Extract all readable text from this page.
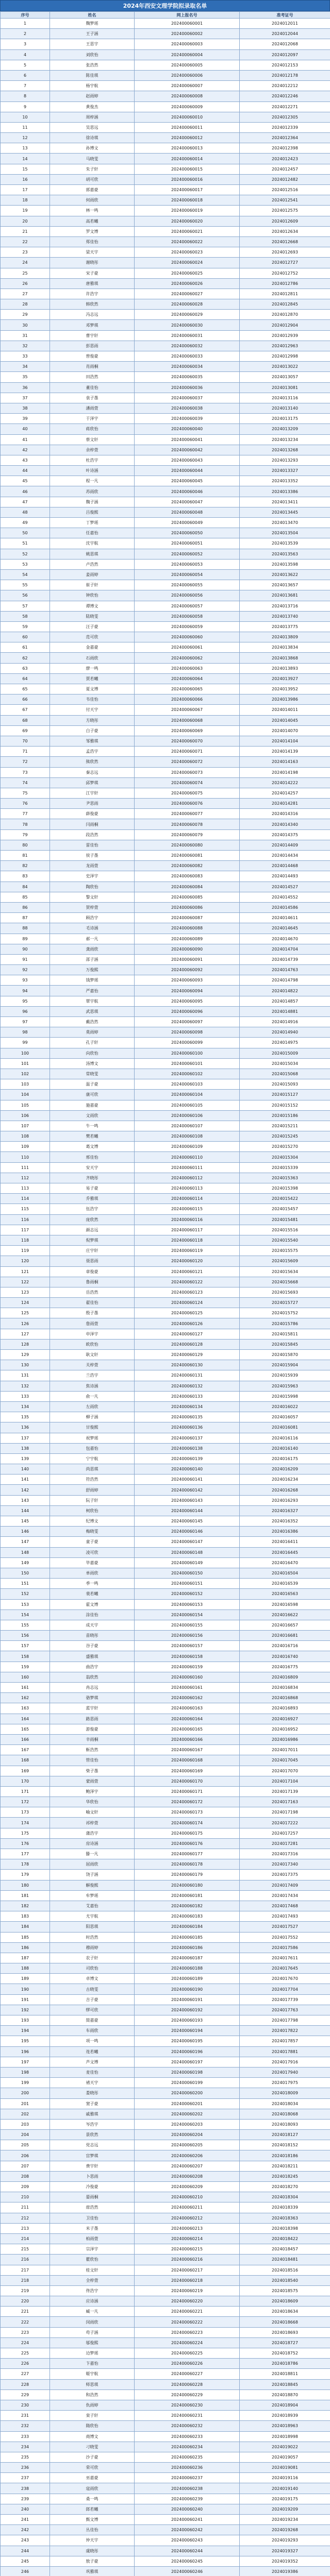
2024年西安文理学院拟录取名单
序号	姓名	网上报名号	准考证号
1	魏梦瑶	202400060001	2024012011
2	王子涵	202400060002	2024012044
3	王思宇	202400060003	2024012068
4	刘欣怡	202400060004	2024012097
5	张浩然	202400060005	2024012153
6	陈佳琪	202400060006	2024012178
7	杨宇航	202400060007	2024012212
8	赵雨婷	202400060008	2024012246
9	黄俊杰	202400060009	2024012271
10	周梓涵	202400060010	2024012305
11	吴思远	202400060011	2024012339
12	徐诗琪	202400060012	2024012364
13	孙博文	202400060013	2024012398
14	马晓雯	202400060014	2024012423
15	朱子轩	202400060015	2024012457
16	胡可欣	202400060016	2024012482
17	郭嘉豪	202400060017	2024012516
18	何雨欣	202400060018	2024012541
19	林一鸣	202400060019	2024012575
20	高若曦	202400060020	2024012609
21	罗文博	202400060021	2024012634
22	郑佳怡	202400060022	2024012668
23	梁天宇	202400060023	2024012693
24	谢晓彤	202400060024	2024012727
25	宋子豪	202400060025	2024012752
26	唐雅琪	202400060026	2024012786
27	许浩宇	202400060027	2024012811
28	韩欣然	202400060028	2024012845
29	冯志远	202400060029	2024012870
30	邓梦琪	202400060030	2024012904
31	曹宇轩	202400060031	2024012939
32	彭思雨	202400060032	2024012963
33	曾俊豪	202400060033	2024012998
34	肖雨桐	202400060034	2024013022
35	田浩然	202400060035	2024013057
36	董佳怡	202400060036	2024013081
37	袁子墨	202400060037	2024013116
38	潘雨萱	202400060038	2024013140
39	于泽宇	202400060039	2024013175
40	蒋欣怡	202400060040	2024013209
41	蔡文轩	202400060041	2024013234
42	余梓萱	202400060042	2024013268
43	杜浩宇	202400060043	2024013293
44	叶诗涵	202400060044	2024013327
45	程一凡	202400060045	2024013352
46	苏雨欣	202400060046	2024013386
47	魏子涵	202400060047	2024013411
48	吕俊熙	202400060048	2024013445
49	丁梦瑶	202400060049	2024013470
50	任嘉怡	202400060050	2024013504
51	沈宇航	202400060051	2024013539
52	姚思琪	202400060052	2024013563
53	卢浩然	202400060053	2024013598
54	姜雨婷	202400060054	2024013622
55	崔子轩	202400060055	2024013657
56	钟欣怡	202400060056	2024013681
57	谭博文	202400060057	2024013716
58	陆晓雯	202400060058	2024013740
59	汪子豪	202400060059	2024013775
60	范可欣	202400060060	2024013809
61	金嘉豪	202400060061	2024013834
62	石雨欣	202400060062	2024013868
63	廖一鸣	202400060063	2024013893
64	贾若曦	202400060064	2024013927
65	夏文博	202400060065	2024013952
66	韦佳怡	202400060066	2024013986
67	付天宇	202400060067	2024014011
68	方晓彤	202400060068	2024014045
69	白子豪	202400060069	2024014070
70	邹雅琪	202400060070	2024014104
71	孟浩宇	202400060071	2024014139
72	熊欣然	202400060072	2024014163
73	秦志远	202400060073	2024014198
74	邱梦琪	202400060074	2024014222
75	江宇轩	202400060075	2024014257
76	尹思雨	202400060076	2024014281
77	薛俊豪	202400060077	2024014316
78	闫雨桐	202400060078	2024014340
79	段浩然	202400060079	2024014375
80	雷佳怡	202400060080	2024014409
81	侯子墨	202400060081	2024014434
82	龙雨萱	202400060082	2024014468
83	史泽宇	202400060083	2024014493
84	陶欣怡	202400060084	2024014527
85	黎文轩	202400060085	2024014552
86	贺梓萱	202400060086	2024014586
87	顾浩宇	202400060087	2024014611
88	毛诗涵	202400060088	2024014645
89	郝一凡	202400060089	2024014670
90	龚雨欣	202400060090	2024014704
91	邵子涵	202400060091	2024014739
92	万俊熙	202400060092	2024014763
93	钱梦瑶	202400060093	2024014798
94	严嘉怡	202400060094	2024014822
95	覃宇航	202400060095	2024014857
96	武思琪	202400060096	2024014881
97	戴浩然	202400060097	2024014916
98	莫雨婷	202400060098	2024014940
99	孔子轩	202400060099	2024014975
100	向欣怡	202400060100	2024015009
101	汤博文	202400060101	2024015034
102	常晓雯	202400060102	2024015068
103	温子豪	202400060103	2024015093
104	康可欣	202400060104	2024015127
105	施嘉豪	202400060105	2024015152
106	文雨欣	202400060106	2024015186
107	牛一鸣	202400060107	2024015211
108	樊若曦	202400060108	2024015245
109	葛文博	202400060109	2024015270
110	邢佳怡	202400060110	2024015304
111	安天宇	202400060111	2024015339
112	齐晓彤	202400060112	2024015363
113	易子豪	202400060113	2024015398
114	乔雅琪	202400060114	2024015422
115	伍浩宇	202400060115	2024015457
116	庞欣然	202400060116	2024015481
117	颜志远	202400060117	2024015516
118	倪梦琪	202400060118	2024015540
119	庄宇轩	202400060119	2024015575
120	聂思雨	202400060120	2024015609
121	章俊豪	202400060121	2024015634
122	鲁雨桐	202400060122	2024015668
123	岳浩然	202400060123	2024015693
124	翟佳怡	202400060124	2024015727
125	殷子墨	202400060125	2024015752
126	詹雨萱	202400060126	2024015786
127	申泽宇	202400060127	2024015811
128	欧欣怡	202400060128	2024015845
129	耿文轩	202400060129	2024015870
130	关梓萱	202400060130	2024015904
131	兰浩宇	202400060131	2024015939
132	焦诗涵	202400060132	2024015963
133	俞一凡	202400060133	2024015998
134	左雨欣	202400060134	2024016022
135	柳子涵	202400060135	2024016057
136	甘俊熙	202400060136	2024016081
137	祝梦瑶	202400060137	2024016116
138	包嘉怡	202400060138	2024016140
139	宁宇航	202400060139	2024016175
140	尚思琪	202400060140	2024016209
141	符浩然	202400060141	2024016234
142	舒雨婷	202400060142	2024016268
143	阮子轩	202400060143	2024016293
144	柯欣怡	202400060144	2024016327
145	纪博文	202400060145	2024016352
146	梅晓雯	202400060146	2024016386
147	童子豪	202400060147	2024016411
148	凌可欣	202400060148	2024016445
149	毕嘉豪	202400060149	2024016470
150	单雨欣	202400060150	2024016504
151	季一鸣	202400060151	2024016539
152	裴若曦	202400060152	2024016563
153	霍文博	202400060153	2024016598
154	涂佳怡	202400060154	2024016622
155	成天宇	202400060155	2024016657
156	苗晓彤	202400060156	2024016681
157	谷子豪	202400060157	2024016716
158	盛雅琪	202400060158	2024016740
159	曲浩宇	202400060159	2024016775
160	翁欣然	202400060160	2024016809
161	冉志远	202400060161	2024016834
162	骆梦琪	202400060162	2024016868
163	蓝宇轩	202400060163	2024016893
164	路思雨	202400060164	2024016927
165	游俊豪	202400060165	2024016952
166	辛雨桐	202400060166	2024016986
167	靳浩然	202400060167	2024017011
168	管佳怡	202400060168	2024017045
169	柴子墨	202400060169	2024017070
170	蒙雨萱	202400060170	2024017104
171	鲍泽宇	202400060171	2024017139
172	华欣怡	202400060172	2024017163
173	喻文轩	202400060173	2024017198
174	祁梓萱	202400060174	2024017222
175	蒲浩宇	202400060175	2024017257
176	房诗涵	202400060176	2024017281
177	滕一凡	202400060177	2024017316
178	屈雨欣	202400060178	2024017340
179	饶子涵	202400060179	2024017375
180	解俊熙	202400060180	2024017409
181	牟梦瑶	202400060181	2024017434
182	艾嘉怡	202400060182	2024017468
183	尤宇航	202400060183	2024017493
184	阳思琪	202400060184	2024017527
185	时浩然	202400060185	2024017552
186	穆雨婷	202400060186	2024017586
187	农子轩	202400060187	2024017611
188	司欣怡	202400060188	2024017645
189	卓博文	202400060189	2024017670
190	古晓雯	202400060190	2024017704
191	吉子豪	202400060191	2024017739
192	缪可欣	202400060192	2024017763
193	简嘉豪	202400060193	2024017798
194	车雨欣	202400060194	2024017822
195	项一鸣	202400060195	2024017857
196	连若曦	202400060196	2024017881
197	芦文博	202400060197	2024017916
198	麦佳怡	202400060198	2024017940
199	褚天宇	202400060199	2024017975
200	娄晓彤	202400060200	2024018009
201	窦子豪	202400060201	2024018034
202	戚雅琪	202400060202	2024018068
203	岑浩宇	202400060203	2024018093
204	景欣然	202400060204	2024018127
205	党志远	202400060205	2024018152
206	宫梦琪	202400060206	2024018186
207	费宇轩	202400060207	2024018211
208	卜思雨	202400060208	2024018245
209	冷俊豪	202400060209	2024018270
210	晏雨桐	202400060210	2024018304
211	席浩然	202400060211	2024018339
212	卫佳怡	202400060212	2024018363
213	米子墨	202400060213	2024018398
214	柏雨萱	202400060214	2024018422
215	宗泽宇	202400060215	2024018457
216	瞿欣怡	202400060216	2024018481
217	桂文轩	202400060217	2024018516
218	全梓萱	202400060218	2024018540
219	佟浩宇	202400060219	2024018575
220	应诗涵	202400060220	2024018609
221	臧一凡	202400060221	2024018634
222	闵雨欣	202400060222	2024018668
223	苟子涵	202400060223	2024018693
224	邬俊熙	202400060224	2024018727
225	边梦瑶	202400060225	2024018752
226	卞嘉怡	202400060226	2024018786
227	姬宇航	202400060227	2024018811
228	师思琪	202400060228	2024018845
229	和浩然	202400060229	2024018870
230	仇雨婷	202400060230	2024018904
231	栾子轩	202400060231	2024018939
232	隋欣怡	202400060232	2024018963
233	商博文	202400060233	2024018998
234	刁晓雯	202400060234	2024019022
235	沙子豪	202400060235	2024019057
236	荣可欣	202400060236	2024019081
237	巫嘉豪	202400060237	2024019116
238	寇雨欣	202400060238	2024019140
239	桑一鸣	202400060239	2024019175
240	郎若曦	202400060240	2024019209
241	甄文博	202400060241	2024019234
242	丛佳怡	202400060242	2024019268
243	仲天宇	202400060243	2024019293
244	虞晓彤	202400060244	2024019327
245	敖子豪	202400060245	2024019352
246	巩雅琪	202400060246	2024019386
